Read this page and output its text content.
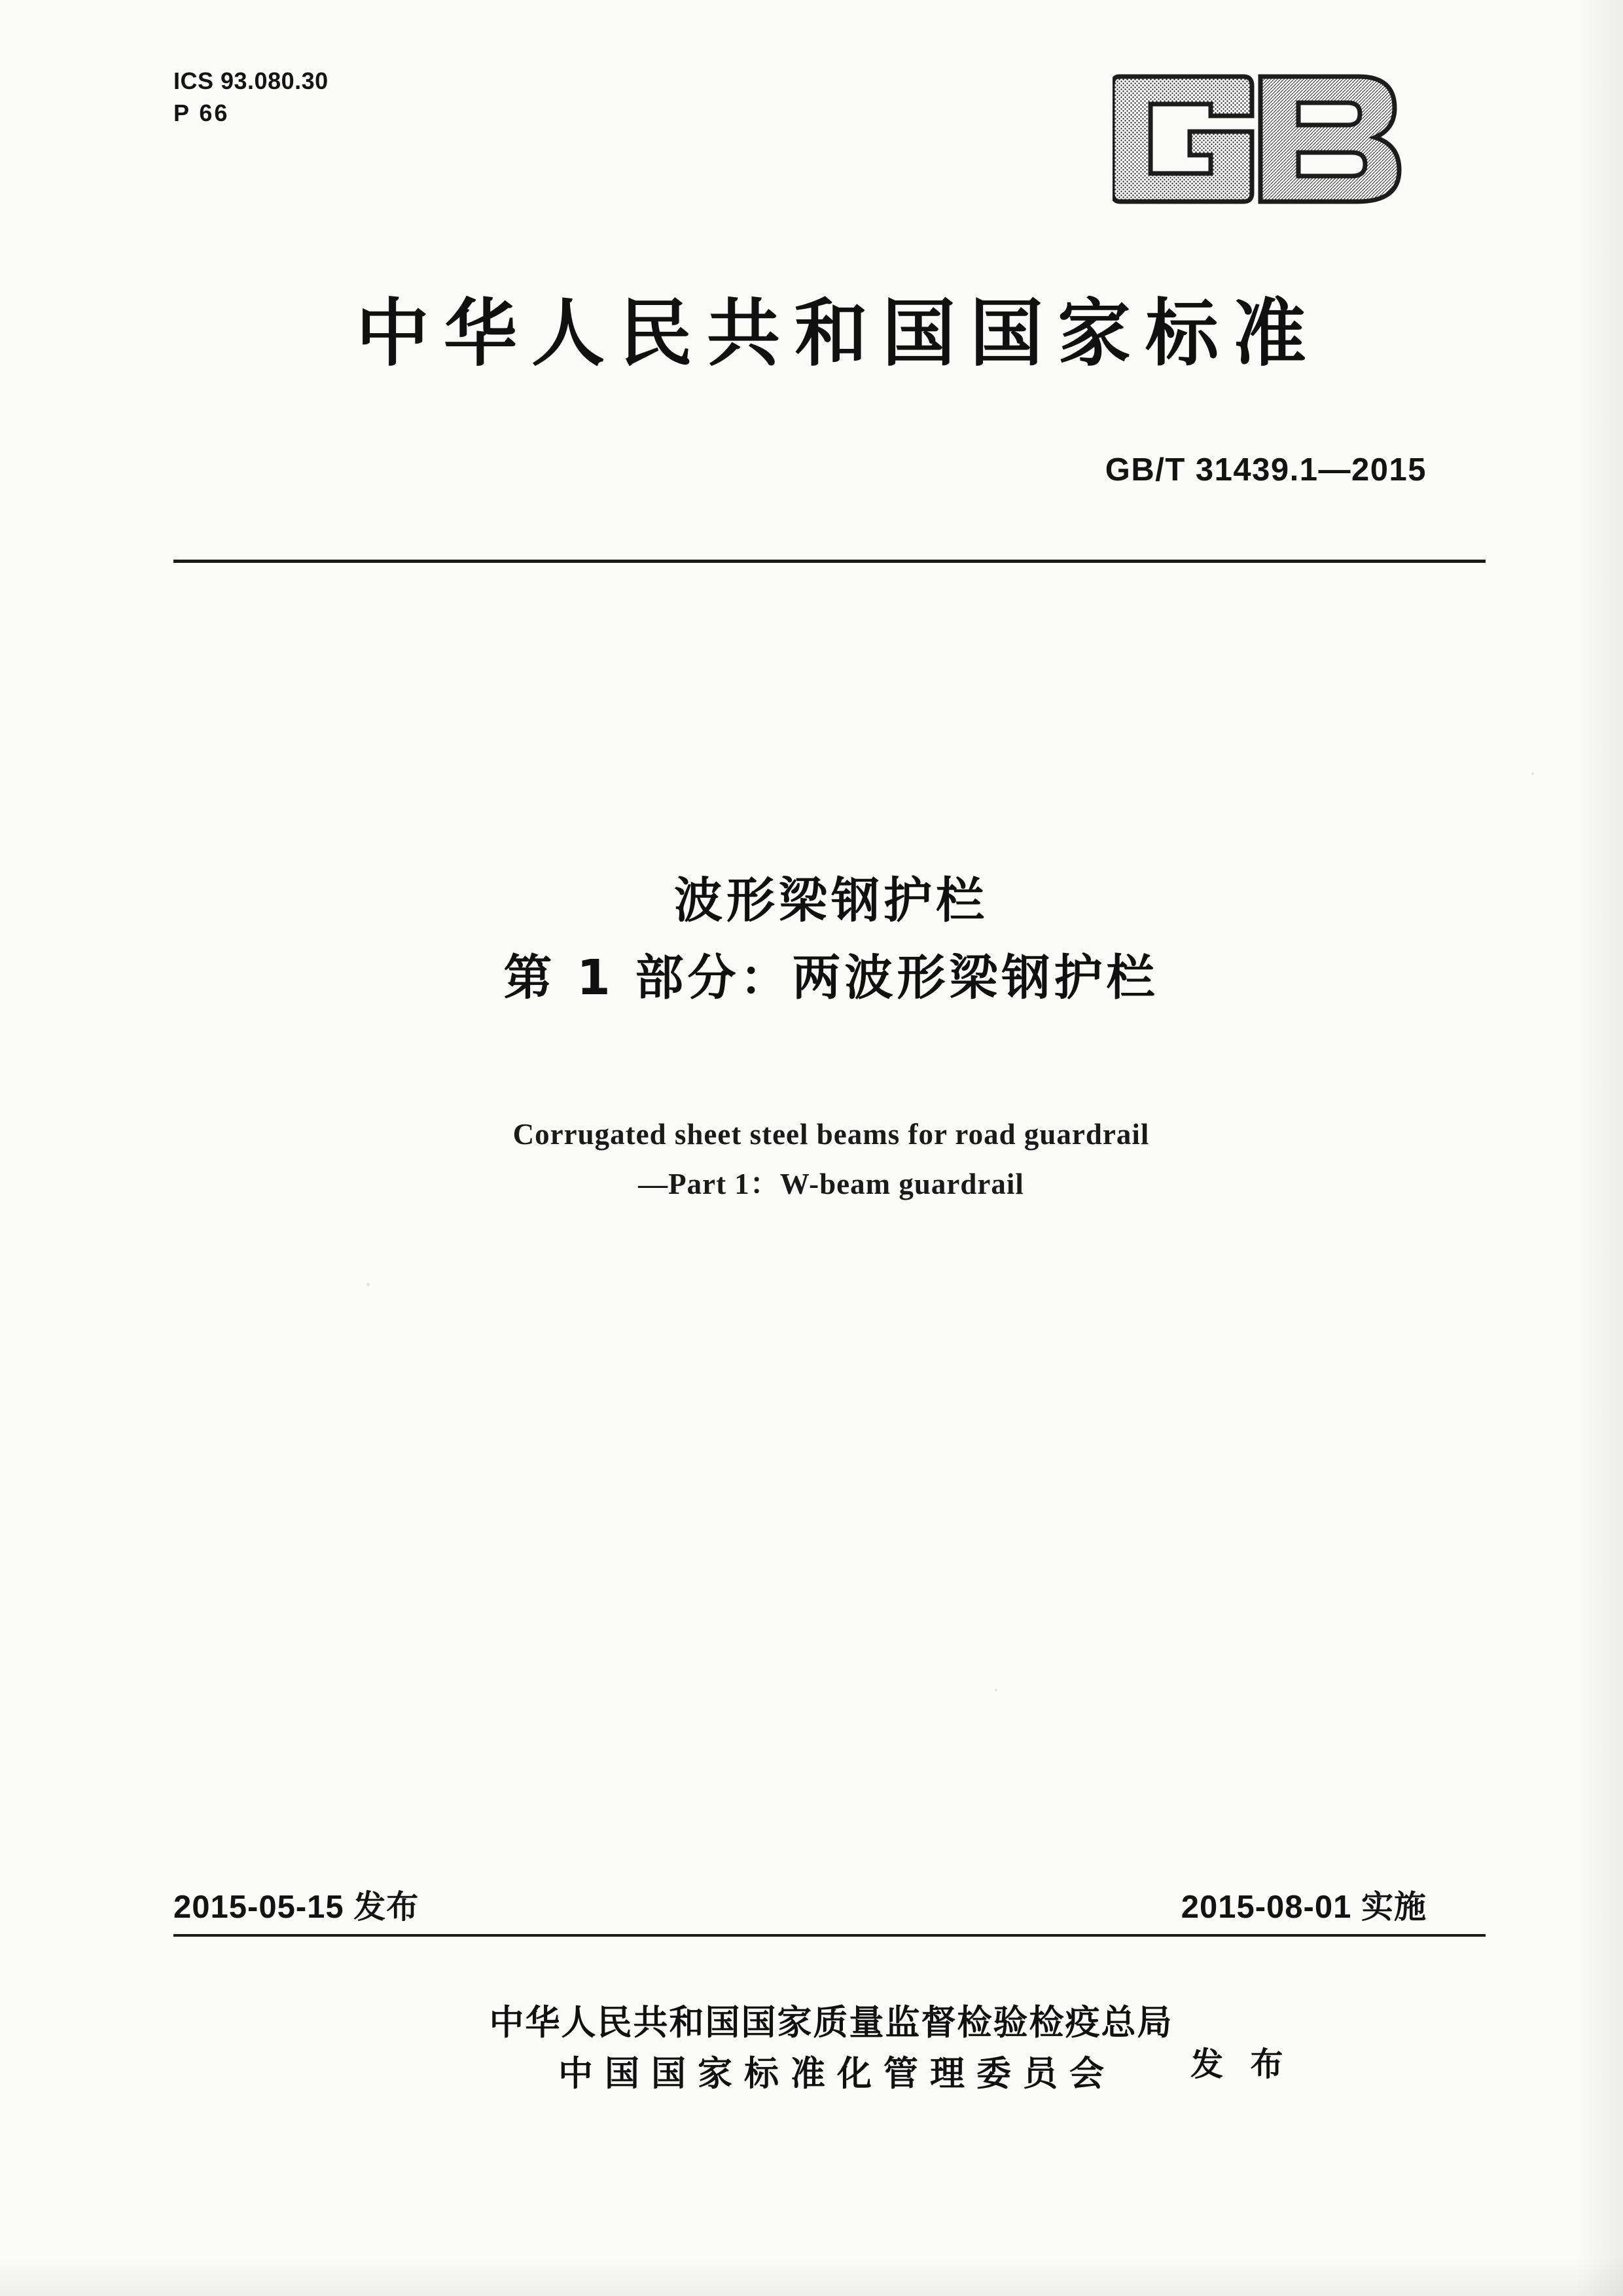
ICS 93.080.30
P 66
中华人民共和国国家标准
GB/T 31439.1—2015
波形梁钢护栏
第 1 部分：两波形梁钢护栏
Corrugated sheet steel beams for road guardrail
—Part 1：W-beam guardrail
2015-05-15 发布	2015-08-01 实施
中华人民共和国国家质量监督检验检疫总局
中国国家标准化管理委员会	发 布
